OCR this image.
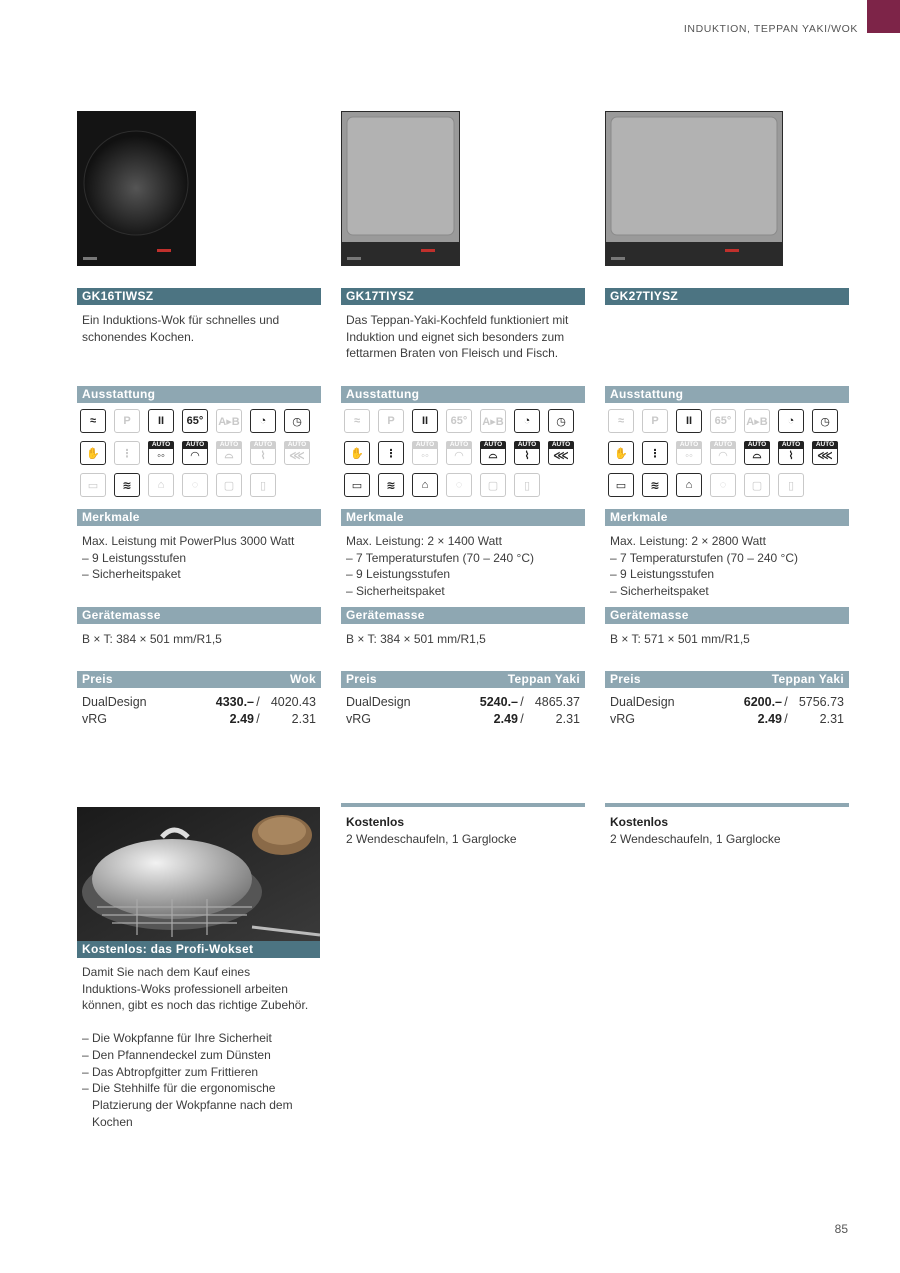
INDUKTION, TEPPAN YAKI/WOK
GK16TIWSZ
Ein Induktions-Wok für schnelles und schonendes Kochen.
GK17TIYSZ
Das Teppan-Yaki-Kochfeld funktioniert mit Induktion und eignet sich besonders zum fettarmen Braten von Fleisch und Fisch.
GK27TIYSZ
Ausstattung
≈ P II 65° A▸B ◔ ◷
✋ ⋮
AUTO
◦◦
AUTO
◠
AUTO
⌓
AUTO
⌇
AUTO
⋘
▭ ≋ ⌂ ◌ ▢ ▯
Ausstattung
≈ P II 65° A▸B ◔ ◷
✋ ⋮
AUTO
◦◦
AUTO
◠
AUTO
⌓
AUTO
⌇
AUTO
⋘
▭ ≋ ⌂ ◌ ▢ ▯
Ausstattung
≈ P II 65° A▸B ◔ ◷
✋ ⋮
AUTO
◦◦
AUTO
◠
AUTO
⌓
AUTO
⌇
AUTO
⋘
▭ ≋ ⌂ ◌ ▢ ▯
Merkmale
Max. Leistung mit PowerPlus 3000 Watt
– 9 Leistungsstufen
– Sicherheitspaket
Gerätemasse
B × T: 384 × 501 mm/R1,5
Preis	Wok
DualDesign	4330.– / 4020.43
vRG	2.49 /	2.31
Merkmale
Max. Leistung: 2 × 1400 Watt
– 7 Temperaturstufen (70 – 240 °C)
– 9 Leistungsstufen
– Sicherheitspaket
Gerätemasse
B × T: 384 × 501 mm/R1,5
Preis	Teppan Yaki
DualDesign	5240.– / 4865.37
vRG	2.49 /	2.31
Merkmale
Max. Leistung: 2 × 2800 Watt
– 7 Temperaturstufen (70 – 240 °C)
– 9 Leistungsstufen
– Sicherheitspaket
Gerätemasse
B × T: 571 × 501 mm/R1,5
Preis	Teppan Yaki
DualDesign	6200.– / 5756.73
vRG	2.49 /	2.31
Kostenlos
2 Wendeschaufeln, 1 Garglocke
Kostenlos
2 Wendeschaufeln, 1 Garglocke
Kostenlos: das Profi-Wokset
Damit Sie nach dem Kauf eines Induktions-Woks professionell arbeiten können, gibt es noch das richtige Zubehör.
– Die Wokpfanne für Ihre Sicherheit
– Den Pfannendeckel zum Dünsten
– Das Abtropfgitter zum Frittieren
– Die Stehhilfe für die ergonomische Platzierung der Wokpfanne nach dem Kochen
85
